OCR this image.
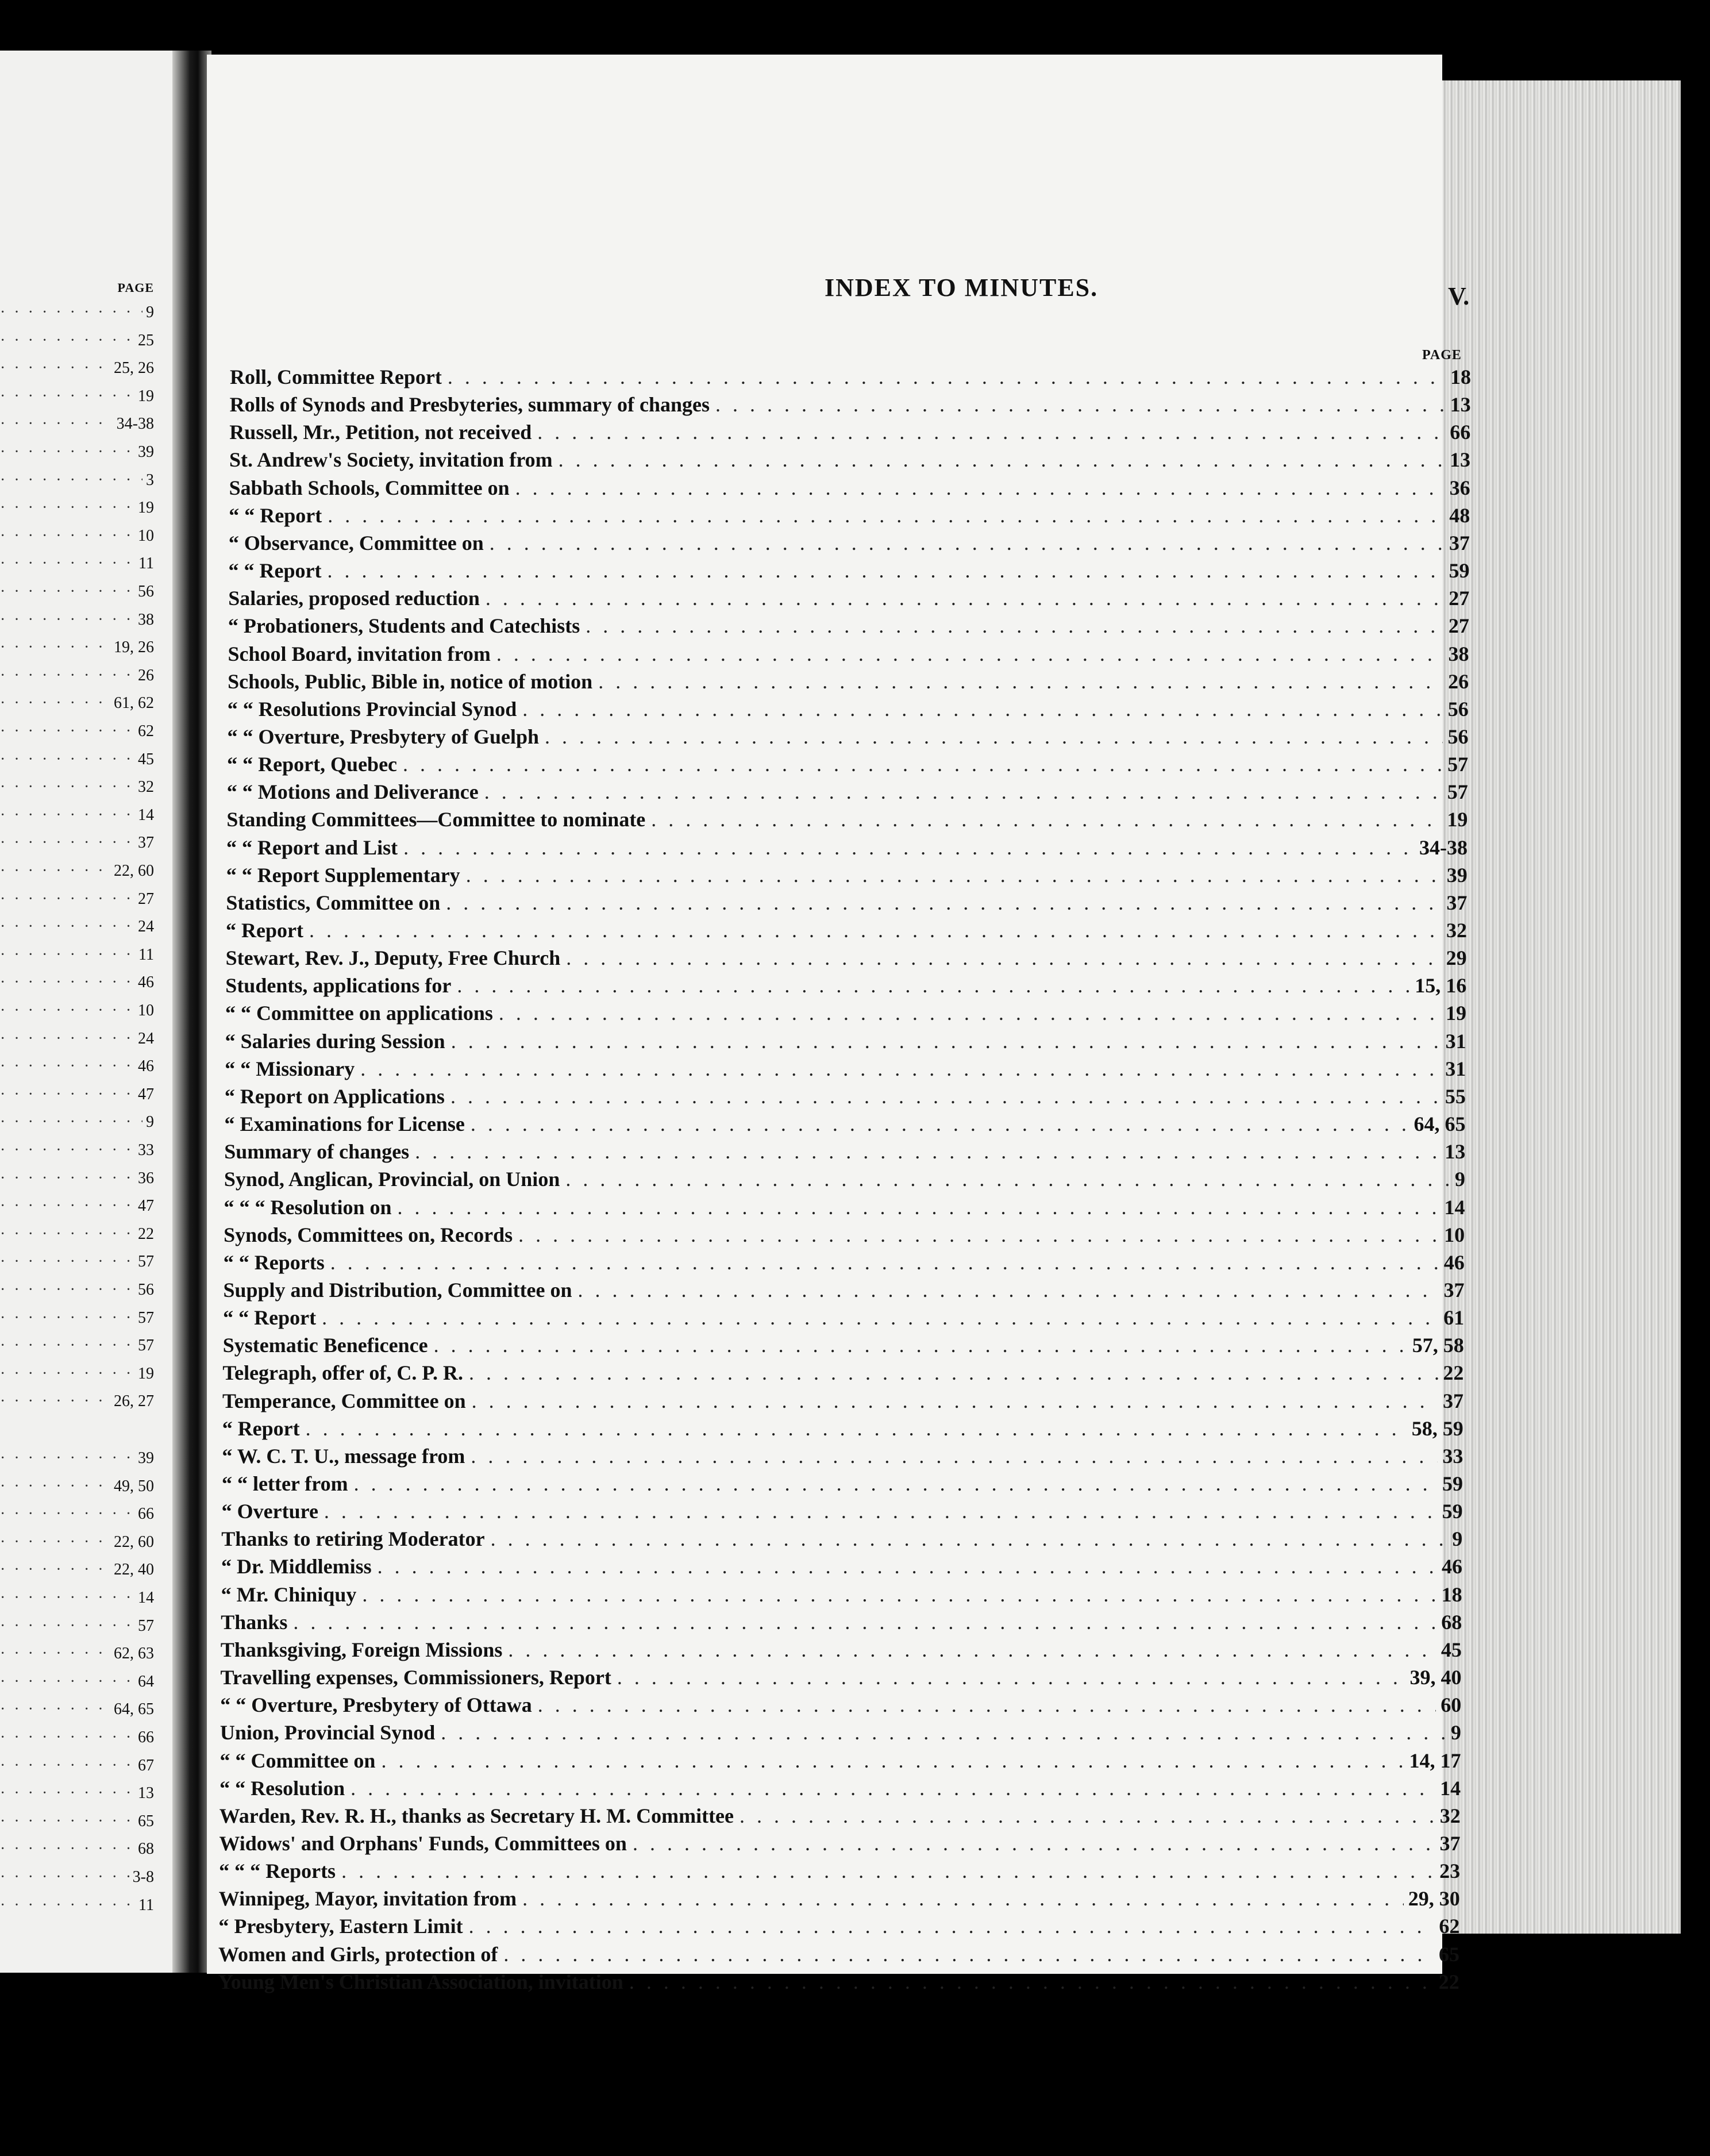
PAGE
· · ·
9
· · ·
25
· · ·
25, 26
· · ·
19
· · ·
34-38
· · ·
39
· · ·
3
· · ·
19
· · ·
10
· · ·
11
· · ·
56
· · ·
38
· · ·
19, 26
· · ·
26
· · ·
61, 62
· · ·
62
· · ·
45
· · ·
32
· · ·
14
· · ·
37
· · ·
22, 60
· · ·
27
· · ·
24
· · ·
11
· · ·
46
· · ·
10
· · ·
24
· · ·
46
· · ·
47
· · ·
9
· · ·
33
· · ·
36
· · ·
47
· · ·
22
· · ·
57
· · ·
56
· · ·
57
· · ·
57
· · ·
19
· · ·
26, 27
· · ·
39
· · ·
49, 50
· · ·
66
· · ·
22, 60
· · ·
22, 40
· · ·
14
· · ·
57
· · ·
62, 63
· · ·
64
· · ·
64, 65
· · ·
66
· · ·
67
· · ·
13
· · ·
65
· · ·
68
· · ·
3-8
· · ·
11
INDEX TO MINUTES.	V.
PAGE
Roll, Committee Report . . .	18
Rolls of Synods and Presbyteries, summary of changes . . .	13
Russell, Mr., Petition, not received . . .	66
St. Andrew's Society, invitation from . . .	13
Sabbath Schools, Committee on . . .	36
“ “ Report . . .	48
“ Observance, Committee on . . .	37
“ “ Report . . .	59
Salaries, proposed reduction . . .	27
“ Probationers, Students and Catechists . . .	27
School Board, invitation from . . .	38
Schools, Public, Bible in, notice of motion . . .	26
“ “ Resolutions Provincial Synod . . .	56
“ “ Overture, Presbytery of Guelph . . .	56
“ “ Report, Quebec . . .	57
“ “ Motions and Deliverance . . .	57
Standing Committees—Committee to nominate . . .	19
“ “ Report and List . . .	34-38
“ “ Report Supplementary . . .	39
Statistics, Committee on . . .	37
“ Report . . .	32
Stewart, Rev. J., Deputy, Free Church . . .	29
Students, applications for . . .	15, 16
“ “ Committee on applications . . .	19
“ Salaries during Session . . .	31
“ “ Missionary . . .	31
“ Report on Applications . . .	55
“ Examinations for License . . .	64, 65
Summary of changes . . .	13
Synod, Anglican, Provincial, on Union . . .	9
“ “ “ Resolution on . . .	14
Synods, Committees on, Records . . .	10
“ “ Reports . . .	46
Supply and Distribution, Committee on . . .	37
“ “ Report . . .	61
Systematic Beneficence . . .	57, 58
Telegraph, offer of, C. P. R. . . .	22
Temperance, Committee on . . .	37
“ Report . . .	58, 59
“ W. C. T. U., message from . . .	33
“ “ letter from . . .	59
“ Overture . . .	59
Thanks to retiring Moderator . . .	9
“ Dr. Middlemiss . . .	46
“ Mr. Chiniquy . . .	18
Thanks . . .	68
Thanksgiving, Foreign Missions . . .	45
Travelling expenses, Commissioners, Report . . .	39, 40
“ “ Overture, Presbytery of Ottawa . . .	60
Union, Provincial Synod . . .	9
“ “ Committee on . . .	14, 17
“ “ Resolution . . .	14
Warden, Rev. R. H., thanks as Secretary H. M. Committee . . .	32
Widows' and Orphans' Funds, Committees on . . .	37
“ “ “ Reports . . .	23
Winnipeg, Mayor, invitation from . . .	29, 30
“ Presbytery, Eastern Limit . . .	62
Women and Girls, protection of . . .	65
Young Men's Christian Association, invitation . . .	22
